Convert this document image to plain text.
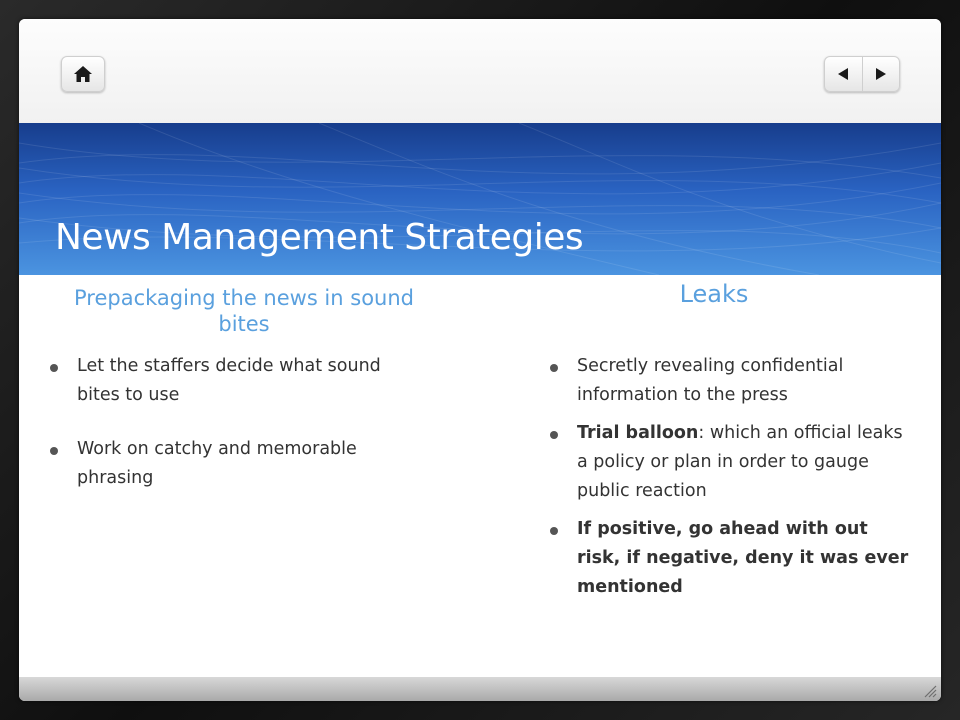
News Management Strategies
Prepackaging the news in sound bites
Leaks
Let the staffers decide what sound bites to use
Work on catchy and memorable phrasing
Secretly revealing confidential information to the press
Trial balloon: which an official leaks a policy or plan in order to gauge public reaction
If positive, go ahead with out risk, if negative, deny it was ever mentioned
